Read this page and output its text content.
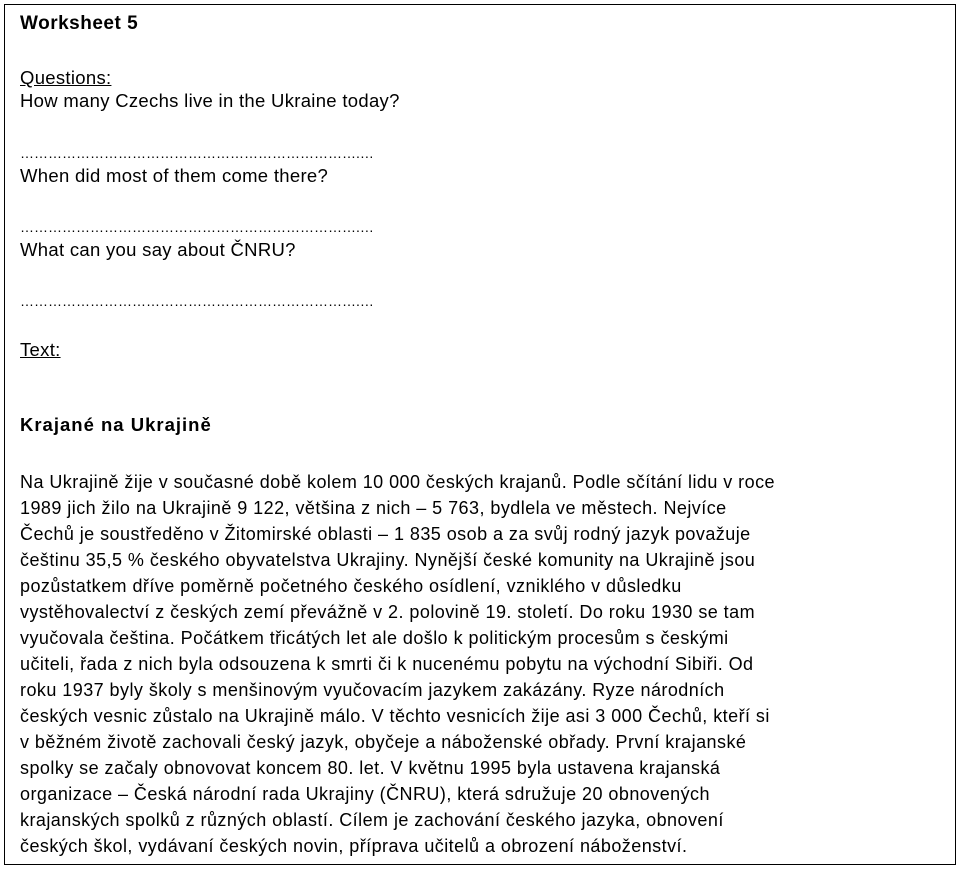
Worksheet 5
Questions:
How many Czechs live in the Ukraine today?
……………………………………………………………….…
When did most of them come there?
……………………………………………………………….…
What can you say about ČNRU?
……………………………………………………………….…
Text:
Krajané na Ukrajině
Na Ukrajině žije v současné době kolem 10 000 českých krajanů. Podle sčítání lidu v roce
1989 jich žilo na Ukrajině 9 122, většina z nich – 5 763, bydlela ve městech. Nejvíce
Čechů je soustředěno v Žitomirské oblasti – 1 835 osob a za svůj rodný jazyk považuje
češtinu 35,5 % českého obyvatelstva Ukrajiny. Nynější české komunity na Ukrajině jsou
pozůstatkem dříve poměrně početného českého osídlení, vzniklého v důsledku
vystěhovalectví z českých zemí převážně v 2. polovině 19. století. Do roku 1930 se tam
vyučovala čeština. Počátkem třicátých let ale došlo k politickým procesům s českými
učiteli, řada z nich byla odsouzena k smrti či k nucenému pobytu na východní Sibiři. Od
roku 1937 byly školy s menšinovým vyučovacím jazykem zakázány. Ryze národních
českých vesnic zůstalo na Ukrajině málo. V těchto vesnicích žije asi 3 000 Čechů, kteří si
v běžném životě zachovali český jazyk, obyčeje a náboženské obřady. První krajanské
spolky se začaly obnovovat koncem 80. let. V květnu 1995 byla ustavena krajanská
organizace – Česká národní rada Ukrajiny (ČNRU), která sdružuje 20 obnovených
krajanských spolků z různých oblastí. Cílem je zachování českého jazyka, obnovení
českých škol, vydávaní českých novin, příprava učitelů a obrození náboženství.
